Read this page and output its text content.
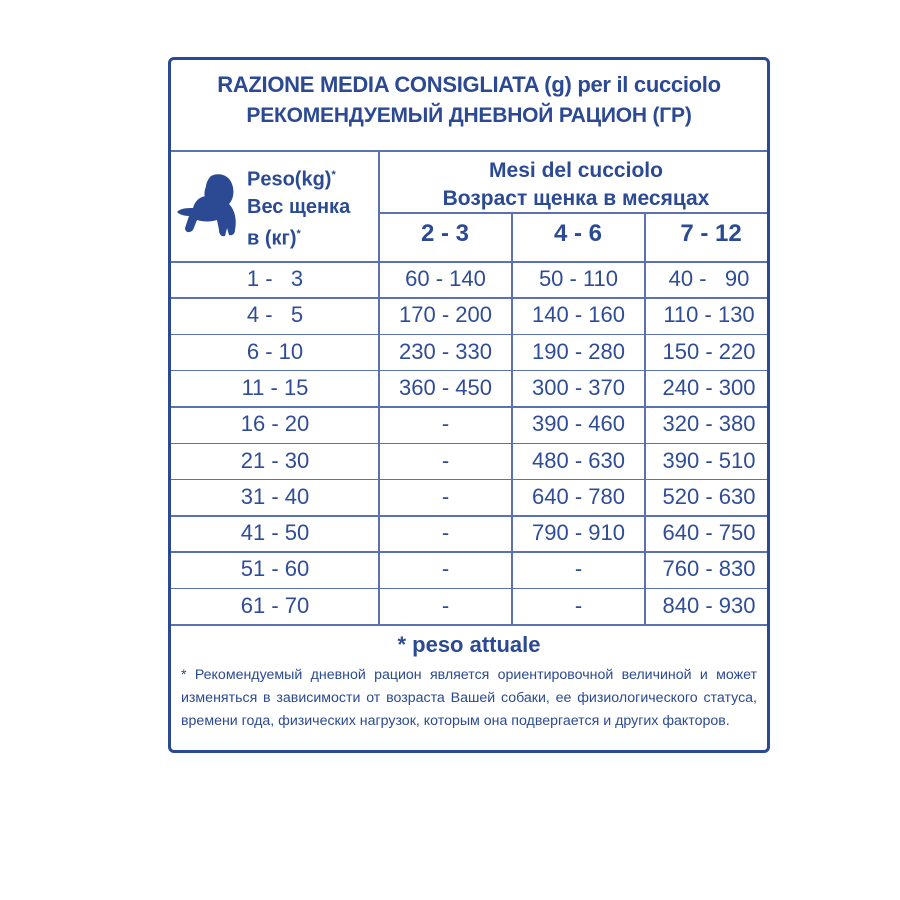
RAZIONE MEDIA CONSIGLIATA (g) per il cucciolo
РЕКОМЕНДУЕМЫЙ ДНЕВНОЙ РАЦИОН (ГР)
Peso(kg)*
Вес щенка
в (кг)*
Mesi del cucciolo
Возраст щенка в месяцах
2 - 3	4 - 6	7 - 12
1 -   3	60 - 140	50 - 110	40 -   90
4 -   5	170 - 200	140 - 160	110 - 130
6 - 10	230 - 330	190 - 280	150 - 220
11 - 15	360 - 450	300 - 370	240 - 300
16 - 20	-	390 - 460	320 - 380
21 - 30	-	480 - 630	390 - 510
31 - 40	-	640 - 780	520 - 630
41 - 50	-	790 - 910	640 - 750
51 - 60	-	-	760 - 830
61 - 70	-	-	840 - 930
* peso attuale
* Рекомендуемый дневной рацион является ориентировочной величиной и может изменяться в зависимости от возраста Вашей собаки, ее физиологического статуса, времени года, физических нагрузок, которым она подвергается и других факторов.
